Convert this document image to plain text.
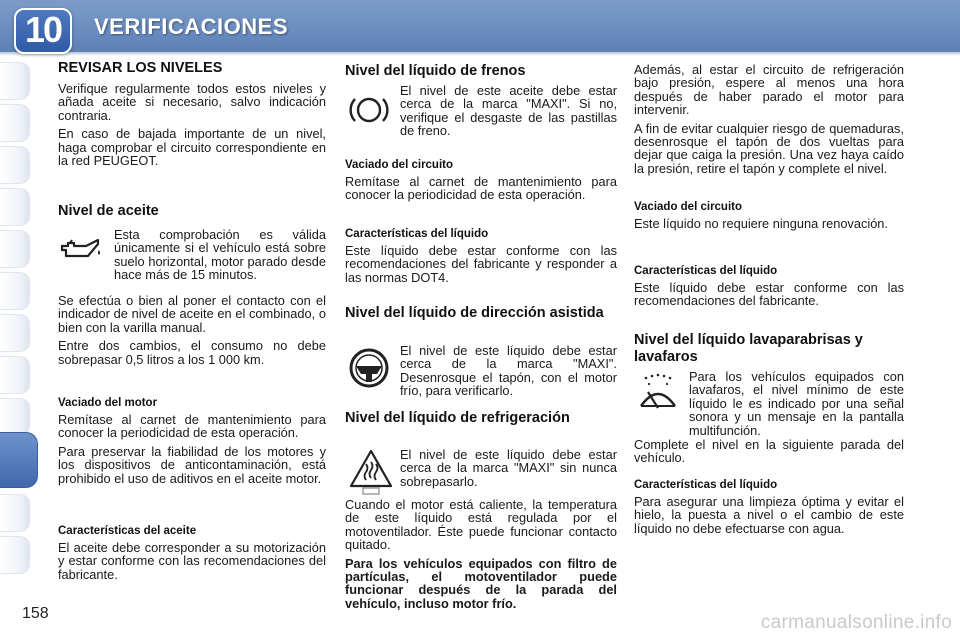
10	VERIFICACIONES
158
REVISAR LOS NIVELES

Verifique regularmente todos estos niveles y añada aceite si necesario, salvo indicación contraria.

En caso de bajada importante de un nivel, haga comprobar el circuito correspondiente en la red PEUGEOT.

Nivel de aceite

Esta comprobación es válida únicamente si el vehículo está sobre suelo horizontal, motor parado desde hace más de 15 minutos.

Se efectúa o bien al poner el contacto con el indicador de nivel de aceite en el combinado, o bien con la varilla manual.

Entre dos cambios, el consumo no debe sobrepasar 0,5 litros a los 1 000 km.

Vaciado del motor

Remítase al carnet de mantenimiento para conocer la periodicidad de esta operación.

Para preservar la fiabilidad de los motores y los dispositivos de anticontaminación, está prohibido el uso de aditivos en el aceite motor.

Características del aceite

El aceite debe corresponder a su motorización y estar conforme con las recomendaciones del fabricante.

Nivel del líquido de frenos

El nivel de este aceite debe estar cerca de la marca "MAXI". Si no, verifique el desgaste de las pastillas de freno.

Vaciado del circuito

Remítase al carnet de mantenimiento para conocer la periodicidad de esta operación.

Características del líquido

Este líquido debe estar conforme con las recomendaciones del fabricante y responder a las normas DOT4.

Nivel del líquido de dirección asistida

El nivel de este líquido debe estar cerca de la marca "MAXI". Desenrosque el tapón, con el motor frío, para verificarlo.

Nivel del líquido de refrigeración

El nivel de este líquido debe estar cerca de la marca "MAXI" sin nunca sobrepasarlo.

Cuando el motor está caliente, la temperatura de este líquido está regulada por el motoventilador. Éste puede funcionar contacto quitado.

Para los vehículos equipados con filtro de partículas, el motoventilador puede funcionar después de la parada del vehículo, incluso motor frío.

Además, al estar el circuito de refrigeración bajo presión, espere al menos una hora después de haber parado el motor para intervenir.

A fin de evitar cualquier riesgo de quemaduras, desenrosque el tapón de dos vueltas para dejar que caiga la presión. Una vez haya caído la presión, retire el tapón y complete el nivel.

Vaciado del circuito

Este líquido no requiere ninguna renovación.

Características del líquido

Este líquido debe estar conforme con las recomendaciones del fabricante.

Nivel del líquido lavaparabrisas y lavafaros

Para los vehículos equipados con lavafaros, el nivel mínimo de este líquido le es indicado por una señal sonora y un mensaje en la pantalla multifunción.

Complete el nivel en la siguiente parada del vehículo.

Características del líquido

Para asegurar una limpieza óptima y evitar el hielo, la puesta a nivel o el cambio de este líquido no debe efectuarse con agua.

carmanualsonline.info
